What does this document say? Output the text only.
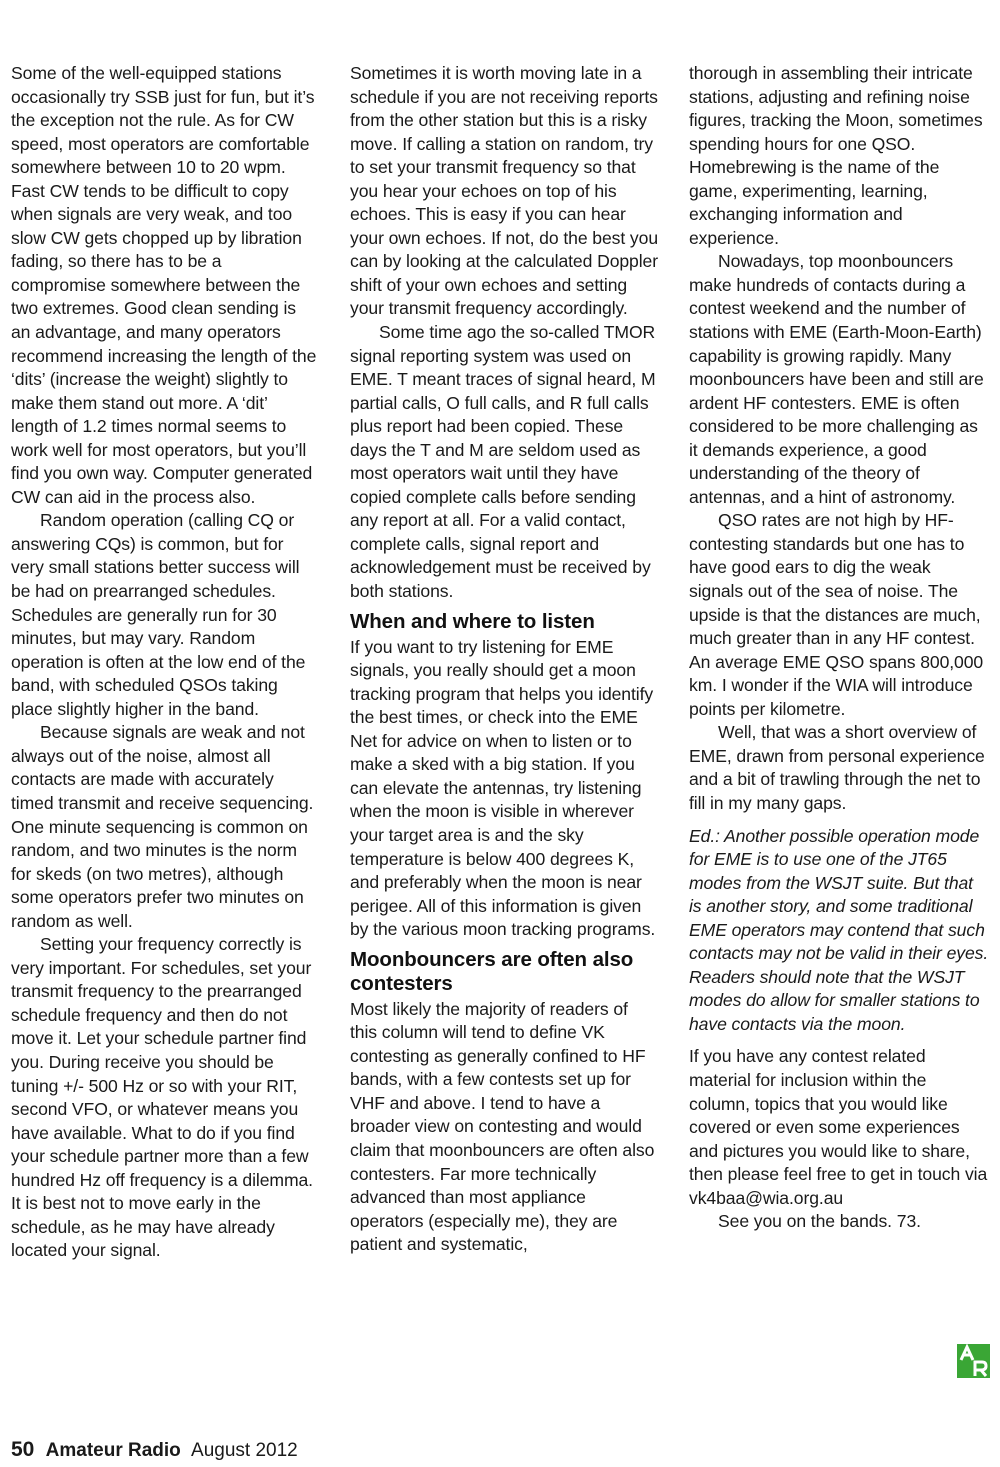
Some of the well-equipped stations occasionally try SSB just for fun, but it’s the exception not the rule. As for CW speed, most operators are comfortable somewhere between 10 to 20 wpm. Fast CW tends to be difficult to copy when signals are very weak, and too slow CW gets chopped up by libration fading, so there has to be a compromise somewhere between the two extremes. Good clean sending is an advantage, and many operators recommend increasing the length of the ‘dits’ (increase the weight) slightly to make them stand out more. A ‘dit’ length of 1.2 times normal seems to work well for most operators, but you’ll find you own way. Computer generated CW can aid in the process also.

Random operation (calling CQ or answering CQs) is common, but for very small stations better success will be had on prearranged schedules. Schedules are generally run for 30 minutes, but may vary. Random operation is often at the low end of the band, with scheduled QSOs taking place slightly higher in the band.

Because signals are weak and not always out of the noise, almost all contacts are made with accurately timed transmit and receive sequencing. One minute sequencing is common on random, and two minutes is the norm for skeds (on two metres), although some operators prefer two minutes on random as well.

Setting your frequency correctly is very important. For schedules, set your transmit frequency to the prearranged schedule frequency and then do not move it. Let your schedule partner find you. During receive you should be tuning +/- 500 Hz or so with your RIT, second VFO, or whatever means you have available. What to do if you find your schedule partner more than a few hundred Hz off frequency is a dilemma. It is best not to move early in the schedule, as he may have already located your signal.

Sometimes it is worth moving late in a schedule if you are not receiving reports from the other station but this is a risky move. If calling a station on random, try to set your transmit frequency so that you hear your echoes on top of his echoes. This is easy if you can hear your own echoes. If not, do the best you can by looking at the calculated Doppler shift of your own echoes and setting your transmit frequency accordingly.

Some time ago the so-called TMOR signal reporting system was used on EME. T meant traces of signal heard, M partial calls, O full calls, and R full calls plus report had been copied. These days the T and M are seldom used as most operators wait until they have copied complete calls before sending any report at all. For a valid contact, complete calls, signal report and acknowledgement must be received by both stations.

When and where to listen

If you want to try listening for EME signals, you really should get a moon tracking program that helps you identify the best times, or check into the EME Net for advice on when to listen or to make a sked with a big station. If you can elevate the antennas, try listening when the moon is visible in wherever your target area is and the sky temperature is below 400 degrees K, and preferably when the moon is near perigee. All of this information is given by the various moon tracking programs.

Moonbouncers are often also contesters

Most likely the majority of readers of this column will tend to define VK contesting as generally confined to HF bands, with a few contests set up for VHF and above. I tend to have a broader view on contesting and would claim that moonbouncers are often also contesters. Far more technically advanced than most appliance operators (especially me), they are patient and systematic,

thorough in assembling their intricate stations, adjusting and refining noise figures, tracking the Moon, sometimes spending hours for one QSO. Homebrewing is the name of the game, experimenting, learning, exchanging information and experience.

Nowadays, top moonbouncers make hundreds of contacts during a contest weekend and the number of stations with EME (Earth-Moon-Earth) capability is growing rapidly. Many moonbouncers have been and still are ardent HF contesters. EME is often considered to be more challenging as it demands experience, a good understanding of the theory of antennas, and a hint of astronomy.

QSO rates are not high by HF-contesting standards but one has to have good ears to dig the weak signals out of the sea of noise. The upside is that the distances are much, much greater than in any HF contest. An average EME QSO spans 800,000 km. I wonder if the WIA will introduce points per kilometre.

Well, that was a short overview of EME, drawn from personal experience and a bit of trawling through the net to fill in my many gaps.

Ed.: Another possible operation mode for EME is to use one of the JT65 modes from the WSJT suite. But that is another story, and some traditional EME operators may contend that such contacts may not be valid in their eyes. Readers should note that the WSJT modes do allow for smaller stations to have contacts via the moon.

If you have any contest related material for inclusion within the column, topics that you would like covered or even some experiences and pictures you would like to share, then please feel free to get in touch via vk4baa@wia.org.au

See you on the bands. 73.

50 Amateur Radio August 2012
